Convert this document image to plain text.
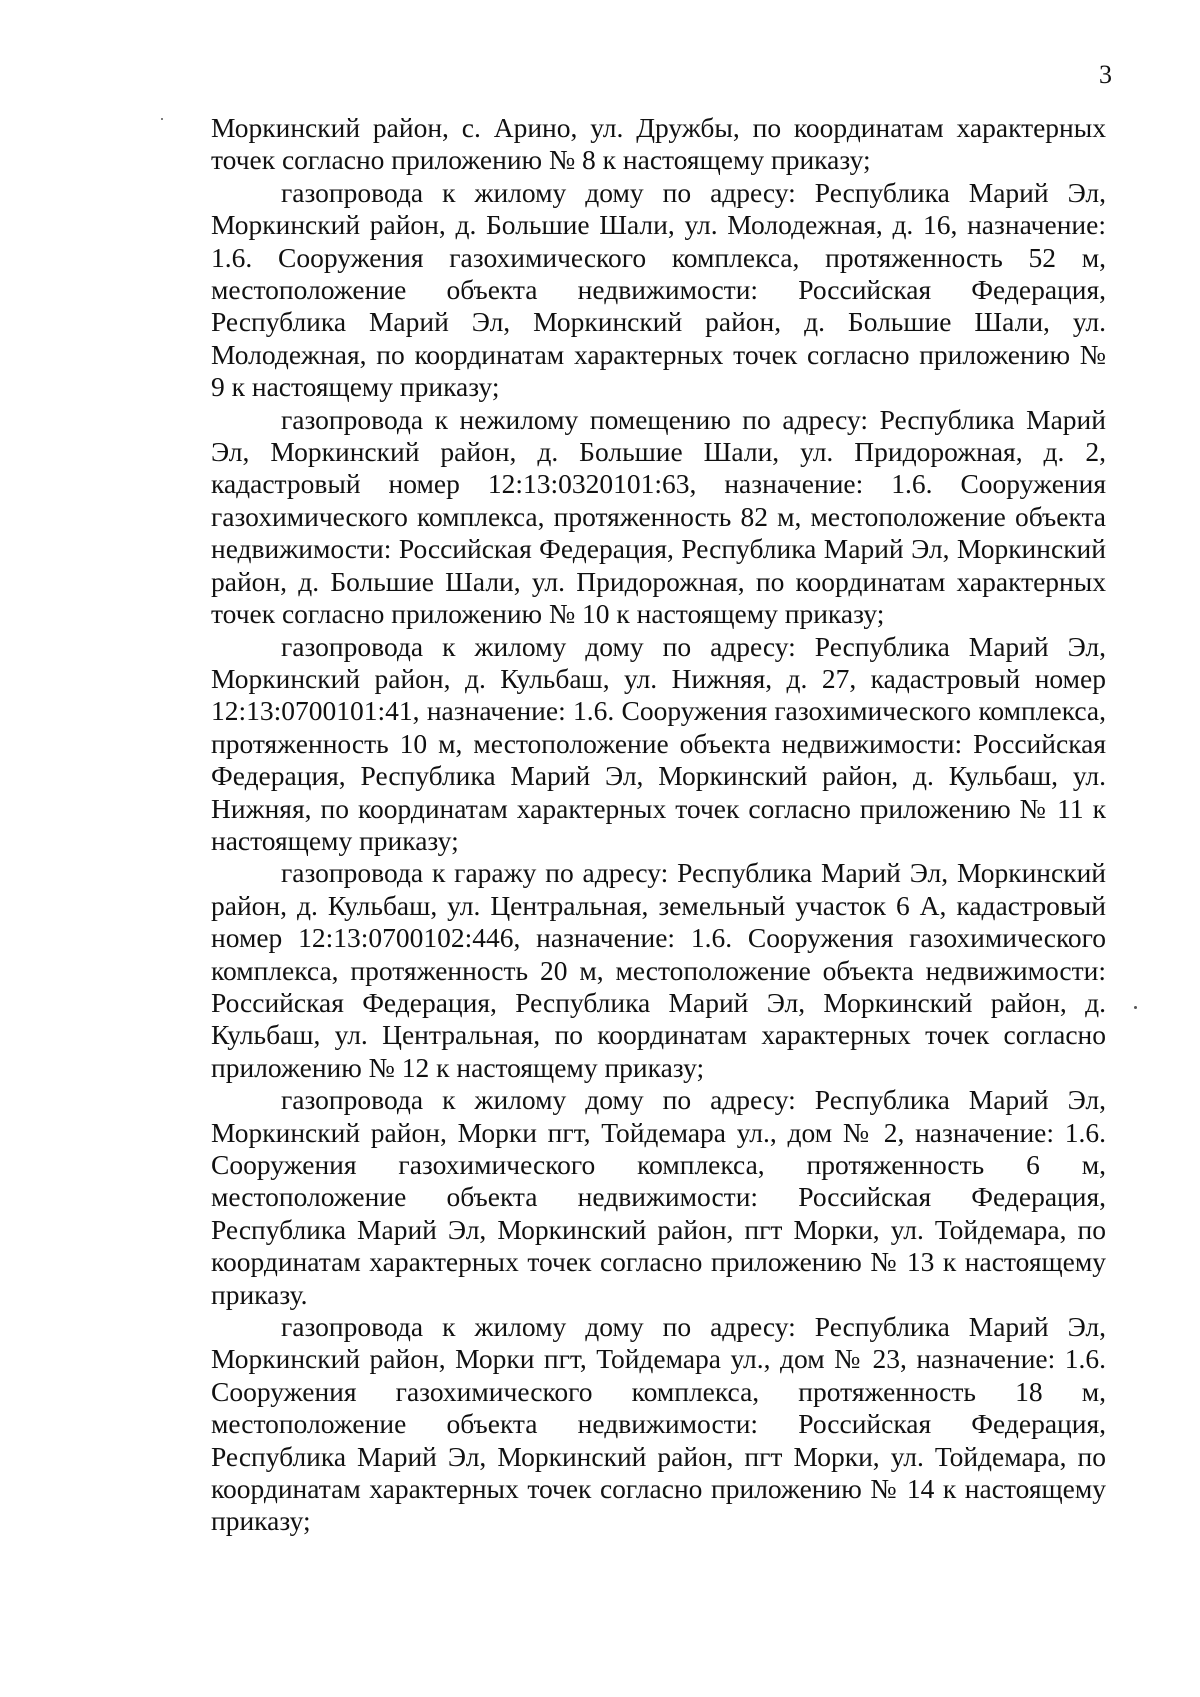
3

Моркинский район, с. Арино, ул. Дружбы, по координатам характерных точек согласно приложению № 8 к настоящему приказу;

газопровода к жилому дому по адресу: Республика Марий Эл, Моркинский район, д. Большие Шали, ул. Молодежная, д. 16, назначение: 1.6. Сооружения газохимического комплекса, протяженность 52 м, местоположение объекта недвижимости: Российская Федерация, Республика Марий Эл, Моркинский район, д. Большие Шали, ул. Молодежная, по координатам характерных точек согласно приложению № 9 к настоящему приказу;

газопровода к нежилому помещению по адресу: Республика Марий Эл, Моркинский район, д. Большие Шали, ул. Придорожная, д. 2, кадастровый номер 12:13:0320101:63, назначение: 1.6. Сооружения газохимического комплекса, протяженность 82 м, местоположение объекта недвижимости: Российская Федерация, Республика Марий Эл, Моркинский район, д. Большие Шали, ул. Придорожная, по координатам характерных точек согласно приложению № 10 к настоящему приказу;

газопровода к жилому дому по адресу: Республика Марий Эл, Моркинский район, д. Кульбаш, ул. Нижняя, д. 27, кадастровый номер 12:13:0700101:41, назначение: 1.6. Сооружения газохимического комплекса, протяженность 10 м, местоположение объекта недвижимости: Российская Федерация, Республика Марий Эл, Моркинский район, д. Кульбаш, ул. Нижняя, по координатам характерных точек согласно приложению № 11 к настоящему приказу;

газопровода к гаражу по адресу: Республика Марий Эл, Моркинский район, д. Кульбаш, ул. Центральная, земельный участок 6 А, кадастровый номер 12:13:0700102:446, назначение: 1.6. Сооружения газохимического комплекса, протяженность 20 м, местоположение объекта недвижимости: Российская Федерация, Республика Марий Эл, Моркинский район, д. Кульбаш, ул. Центральная, по координатам характерных точек согласно приложению № 12 к настоящему приказу;

газопровода к жилому дому по адресу: Республика Марий Эл, Моркинский район, Морки пгт, Тойдемара ул., дом № 2, назначение: 1.6. Сооружения газохимического комплекса, протяженность 6 м, местоположение объекта недвижимости: Российская Федерация, Республика Марий Эл, Моркинский район, пгт Морки, ул. Тойдемара, по координатам характерных точек согласно приложению № 13 к настоящему приказу.

газопровода к жилому дому по адресу: Республика Марий Эл, Моркинский район, Морки пгт, Тойдемара ул., дом № 23, назначение: 1.6. Сооружения газохимического комплекса, протяженность 18 м, местоположение объекта недвижимости: Российская Федерация, Республика Марий Эл, Моркинский район, пгт Морки, ул. Тойдемара, по координатам характерных точек согласно приложению № 14 к настоящему приказу;
